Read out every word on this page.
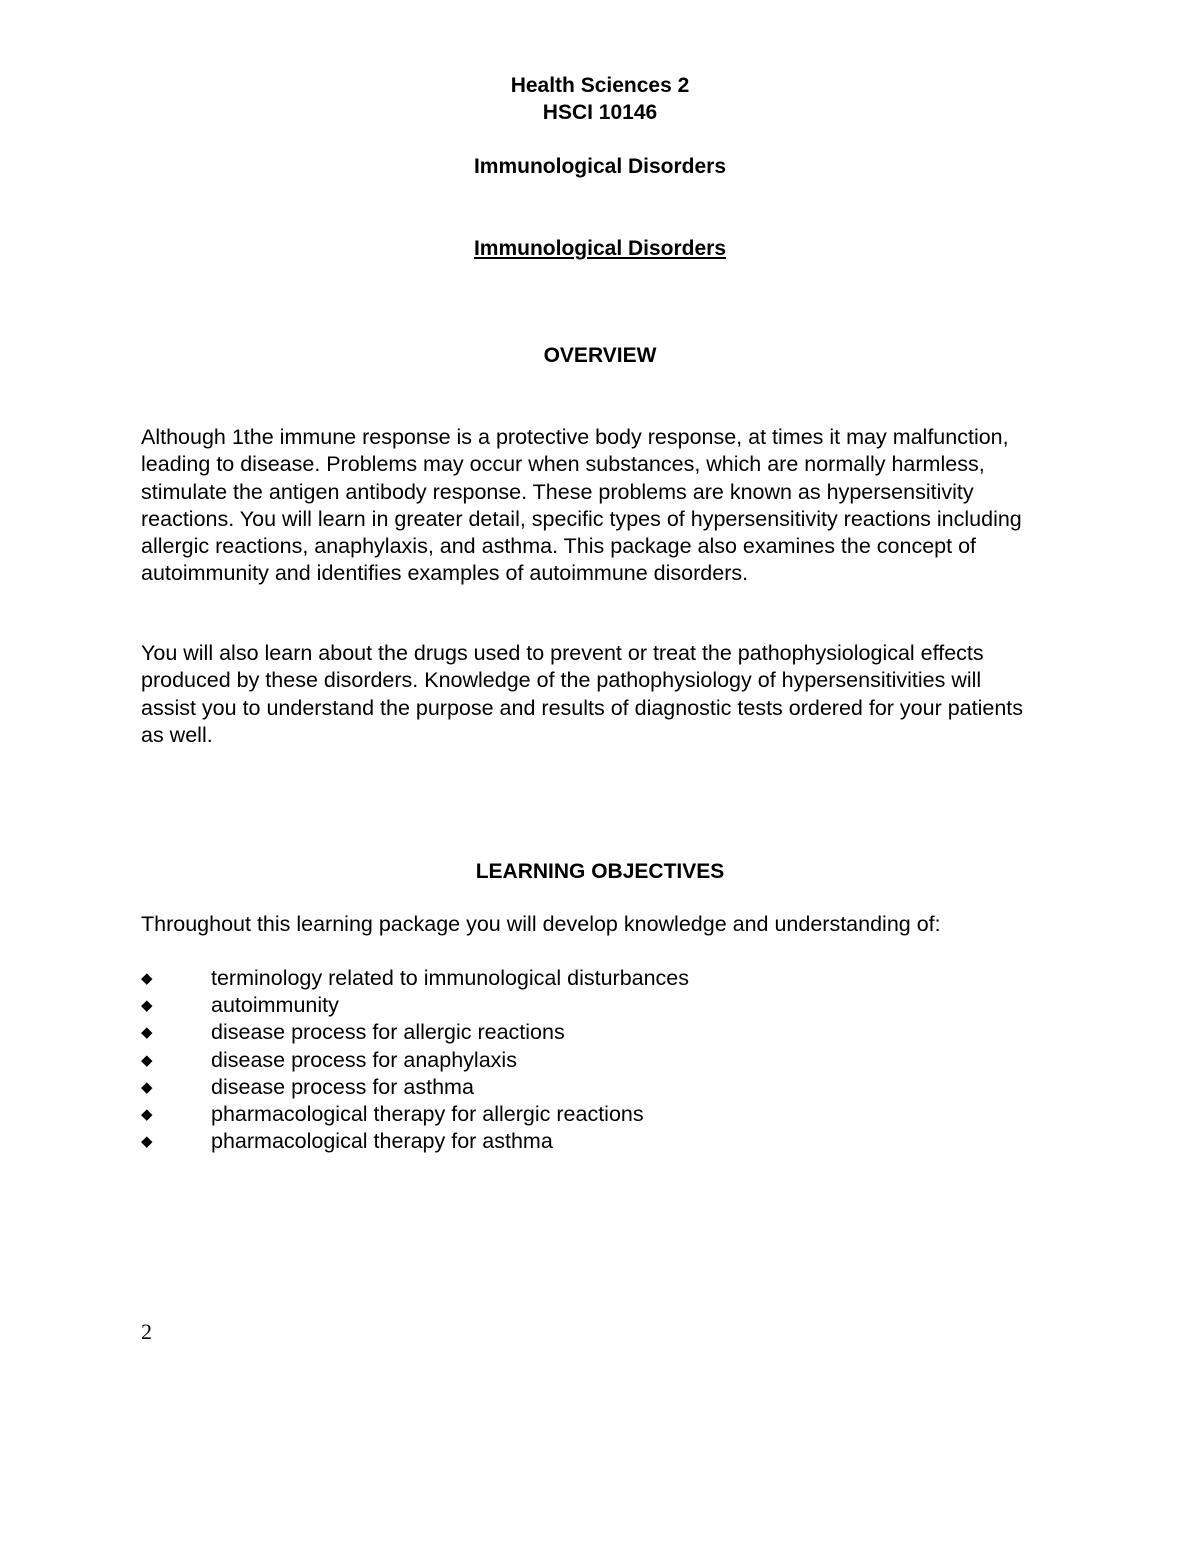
Health Sciences 2

HSCI 10146

Immunological Disorders

Immunological Disorders

OVERVIEW

Although 1the immune response is a protective body response, at times it may malfunction, leading to disease. Problems may occur when substances, which are normally harmless, stimulate the antigen antibody response. These problems are known as hypersensitivity reactions. You will learn in greater detail, specific types of hypersensitivity reactions including allergic reactions, anaphylaxis, and asthma. This package also examines the concept of autoimmunity and identifies examples of autoimmune disorders.

You will also learn about the drugs used to prevent or treat the pathophysiological effects produced by these disorders. Knowledge of the pathophysiology of hypersensitivities will assist you to understand the purpose and results of diagnostic tests ordered for your patients as well.

LEARNING OBJECTIVES

Throughout this learning package you will develop knowledge and understanding of:

◆	terminology related to immunological disturbances
◆	autoimmunity
◆	disease process for allergic reactions
◆	disease process for anaphylaxis
◆	disease process for asthma
◆	pharmacological therapy for allergic reactions
◆	pharmacological therapy for asthma

2
